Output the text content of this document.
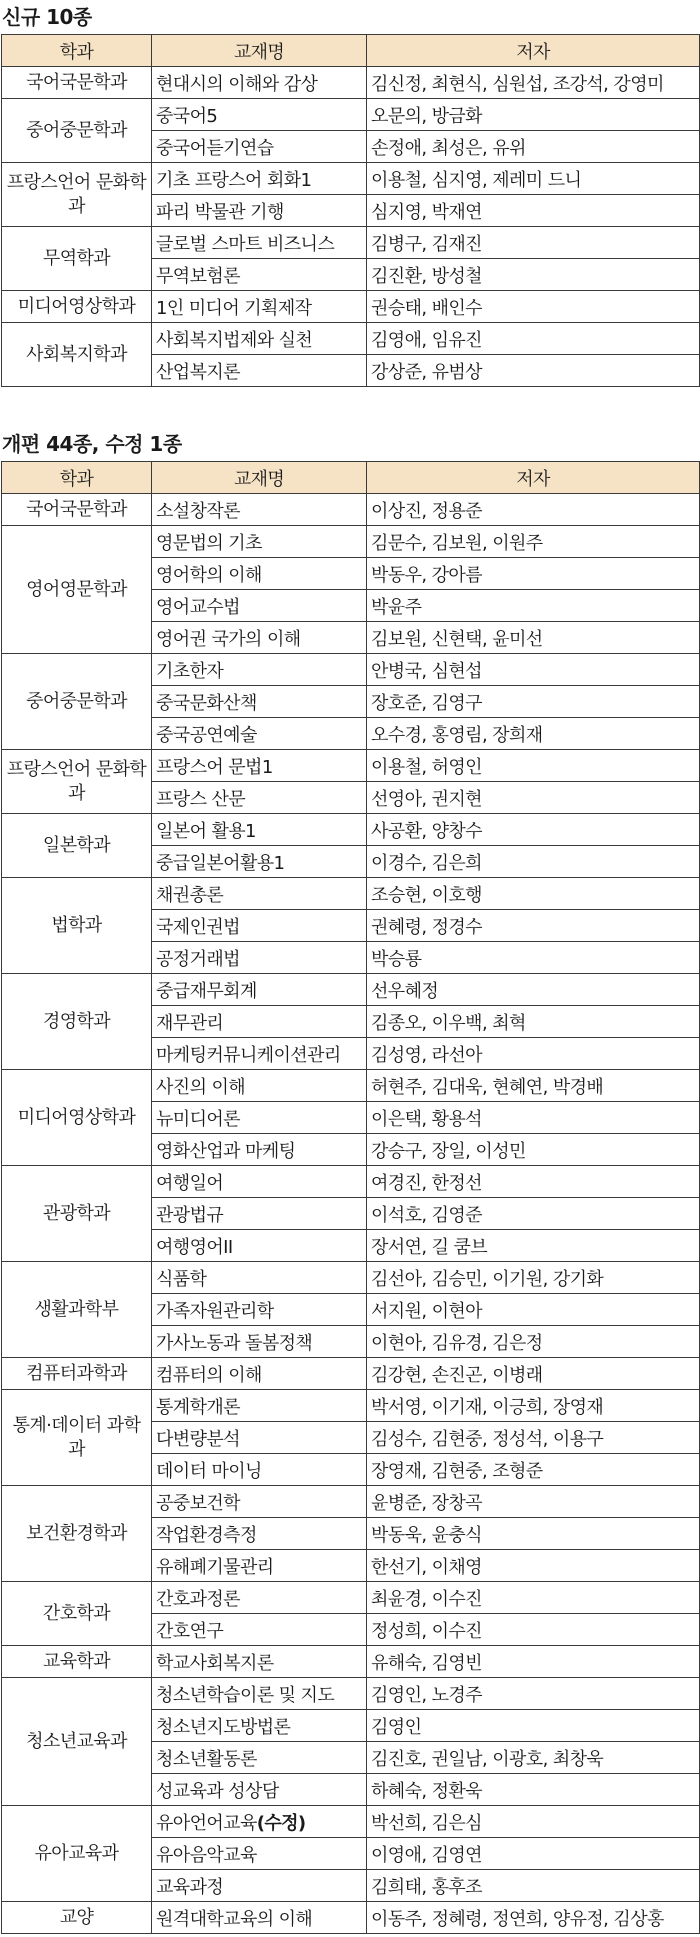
신규 10종
학과	교재명	저자
국어국문학과	현대시의 이해와 감상	김신정, 최현식, 심원섭, 조강석, 강영미
중어중문학과	중국어5	오문의, 방금화
	중국어듣기연습	손정애, 최성은, 유위
프랑스언어 문화학과	기초 프랑스어 회화1	이용철, 심지영, 제레미 드니
	파리 박물관 기행	심지영, 박재연
무역학과	글로벌 스마트 비즈니스	김병구, 김재진
	무역보험론	김진환, 방성철
미디어영상학과	1인 미디어 기획제작	권승태, 배인수
사회복지학과	사회복지법제와 실천	김영애, 임유진
	산업복지론	강상준, 유범상
개편 44종, 수정 1종
학과	교재명	저자
국어국문학과	소설창작론	이상진, 정용준
영어영문학과	영문법의 기초	김문수, 김보원, 이원주
	영어학의 이해	박동우, 강아름
	영어교수법	박윤주
	영어권 국가의 이해	김보원, 신현택, 윤미선
중어중문학과	기초한자	안병국, 심현섭
	중국문화산책	장호준, 김영구
	중국공연예술	오수경, 홍영림, 장희재
프랑스언어 문화학과	프랑스어 문법1	이용철, 허영인
	프랑스 산문	선영아, 권지현
일본학과	일본어 활용1	사공환, 양창수
	중급일본어활용1	이경수, 김은희
법학과	채권총론	조승현, 이호행
	국제인권법	권혜령, 정경수
	공정거래법	박승룡
경영학과	중급재무회계	선우혜정
	재무관리	김종오, 이우백, 최혁
	마케팅커뮤니케이션관리	김성영, 라선아
미디어영상학과	사진의 이해	허현주, 김대욱, 현혜연, 박경배
	뉴미디어론	이은택, 황용석
	영화산업과 마케팅	강승구, 장일, 이성민
관광학과	여행일어	여경진, 한정선
	관광법규	이석호, 김영준
	여행영어II	장서연, 길 쿰브
생활과학부	식품학	김선아, 김승민, 이기원, 강기화
	가족자원관리학	서지원, 이현아
	가사노동과 돌봄정책	이현아, 김유경, 김은정
컴퓨터과학과	컴퓨터의 이해	김강현, 손진곤, 이병래
통계·데이터 과학과	통계학개론	박서영, 이기재, 이긍희, 장영재
	다변량분석	김성수, 김현중, 정성석, 이용구
	데이터 마이닝	장영재, 김현중, 조형준
보건환경학과	공중보건학	윤병준, 장창곡
	작업환경측정	박동욱, 윤충식
	유해폐기물관리	한선기, 이채영
간호학과	간호과정론	최윤경, 이수진
	간호연구	정성희, 이수진
교육학과	학교사회복지론	유해숙, 김영빈
청소년교육과	청소년학습이론 및 지도	김영인, 노경주
	청소년지도방법론	김영인
	청소년활동론	김진호, 권일남, 이광호, 최창욱
	성교육과 성상담	하혜숙, 정환욱
유아교육과	유아언어교육(수정)	박선희, 김은심
	유아음악교육	이영애, 김영연
	교육과정	김희태, 홍후조
교양	원격대학교육의 이해	이동주, 정혜령, 정연희, 양유정, 김상홍
